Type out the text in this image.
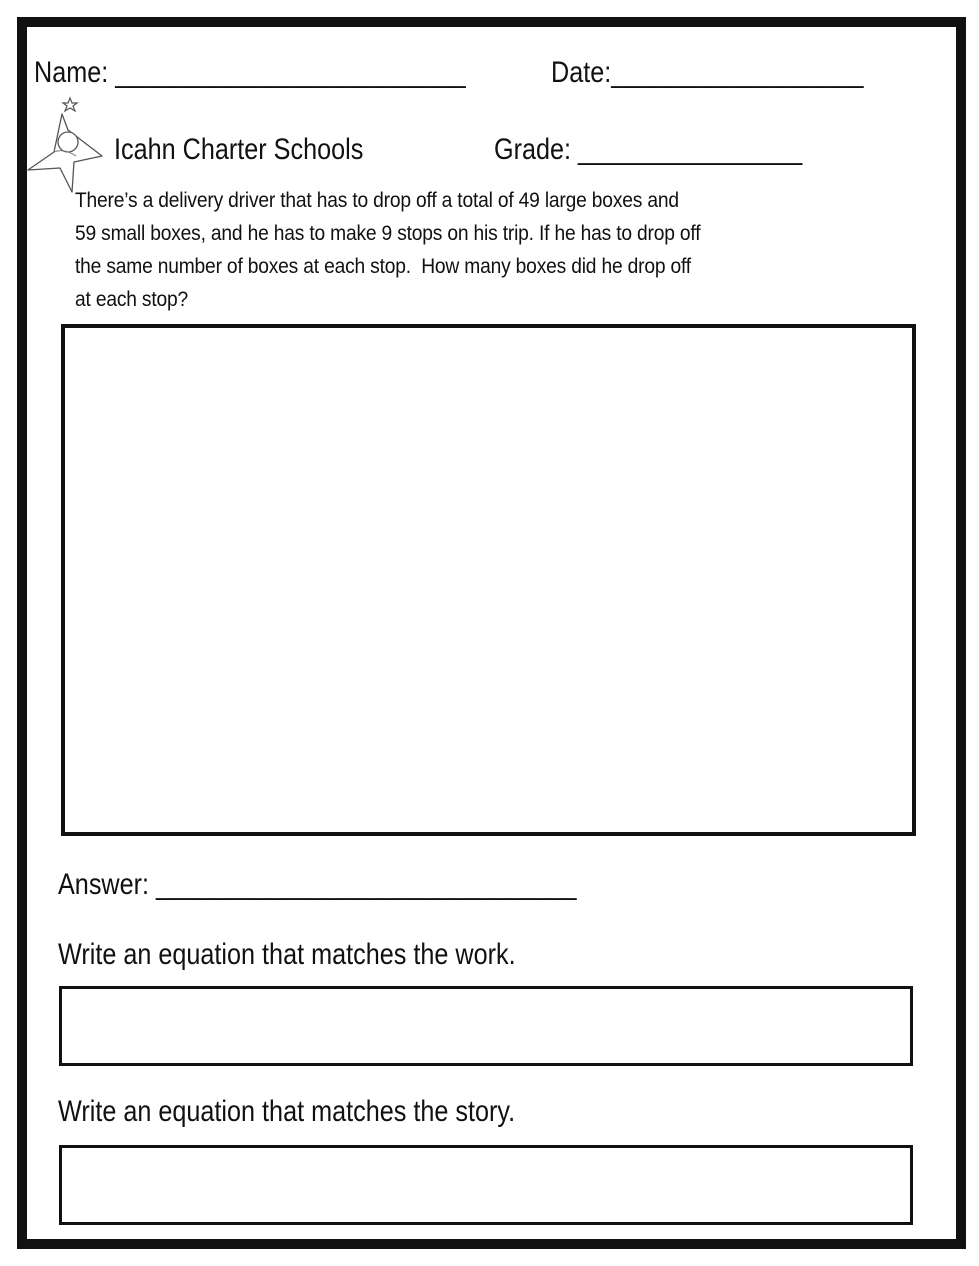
Name: _________________________	Date:__________________
Icahn Charter Schools	Grade: ________________
There’s a delivery driver that has to drop off a total of 49 large boxes and
59 small boxes, and he has to make 9 stops on his trip. If he has to drop off
the same number of boxes at each stop.  How many boxes did he drop off
at each stop?
Answer: ______________________________
Write an equation that matches the work.
Write an equation that matches the story.
